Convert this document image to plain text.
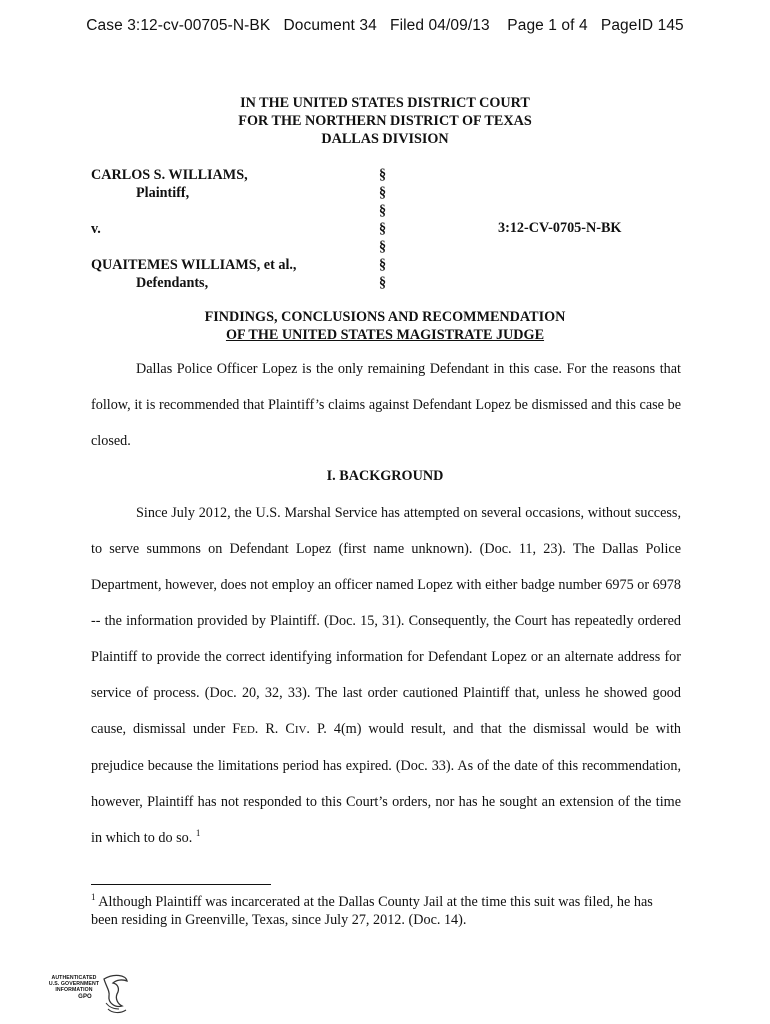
Case 3:12-cv-00705-N-BK   Document 34   Filed 04/09/13    Page 1 of 4   PageID 145
IN THE UNITED STATES DISTRICT COURT
FOR THE NORTHERN DISTRICT OF TEXAS
DALLAS DIVISION
CARLOS S. WILLIAMS,
Plaintiff,
v.
QUAITEMES WILLIAMS, et al.,
Defendants,
§
§
§
§
§
§
§
3:12-CV-0705-N-BK
FINDINGS, CONCLUSIONS AND RECOMMENDATION
OF THE UNITED STATES MAGISTRATE JUDGE

Dallas Police Officer Lopez is the only remaining Defendant in this case. For the reasons that follow, it is recommended that Plaintiff’s claims against Defendant Lopez be dismissed and this case be closed.

I. BACKGROUND

Since July 2012, the U.S. Marshal Service has attempted on several occasions, without success, to serve summons on Defendant Lopez (first name unknown). (Doc. 11, 23). The Dallas Police Department, however, does not employ an officer named Lopez with either badge number 6975 or 6978 -- the information provided by Plaintiff. (Doc. 15, 31). Consequently, the Court has repeatedly ordered Plaintiff to provide the correct identifying information for Defendant Lopez or an alternate address for service of process. (Doc. 20, 32, 33). The last order cautioned Plaintiff that, unless he showed good cause, dismissal under FED. R. CIV. P. 4(m) would result, and that the dismissal would be with prejudice because the limitations period has expired. (Doc. 33). As of the date of this recommendation, however, Plaintiff has not responded to this Court’s orders, nor has he sought an extension of the time in which to do so. $^1$

$^1$ Although Plaintiff was incarcerated at the Dallas County Jail at the time this suit was filed, he has been residing in Greenville, Texas, since July 27, 2012. (Doc. 14).
AUTHENTICATED
U.S. GOVERNMENT
INFORMATION
GPO
